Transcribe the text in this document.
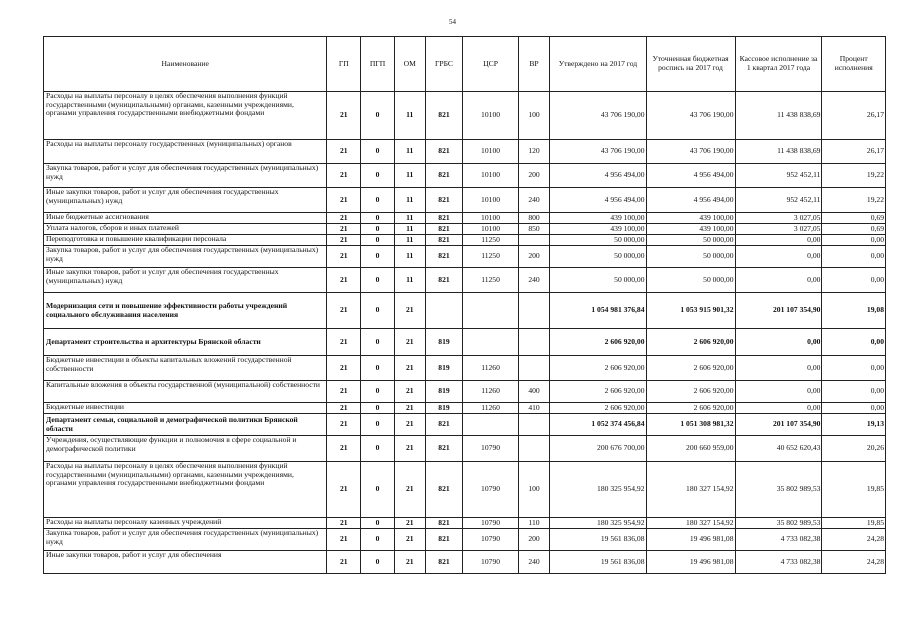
54
Наименование	ГП	ПГП	ОМ	ГРБС	ЦСР	ВР	Утверждено на 2017 год	Уточненная бюджетная роспись на 2017 год	Кассовое исполнение за 1 квартал 2017 года	Процент исполнения
Расходы на выплаты персоналу в целях обеспечения выполнения функций государственными (муниципальными) органами, казенными учреждениями, органами управления государственными внебюджетными фондами	21	0	11	821	10100	100	43 706 190,00	43 706 190,00	11 438 838,69	26,17
Расходы на выплаты персоналу государственных (муниципальных) органов	21	0	11	821	10100	120	43 706 190,00	43 706 190,00	11 438 838,69	26,17
Закупка товаров, работ и услуг для обеспечения государственных (муниципальных) нужд	21	0	11	821	10100	200	4 956 494,00	4 956 494,00	952 452,11	19,22
Иные закупки товаров, работ и услуг для обеспечения государственных (муниципальных) нужд	21	0	11	821	10100	240	4 956 494,00	4 956 494,00	952 452,11	19,22
Иные бюджетные ассигнования	21	0	11	821	10100	800	439 100,00	439 100,00	3 027,05	0,69
Уплата налогов, сборов и иных платежей	21	0	11	821	10100	850	439 100,00	439 100,00	3 027,05	0,69
Переподготовка и повышение квалификации персонала	21	0	11	821	11250		50 000,00	50 000,00	0,00	0,00
Закупка товаров, работ и услуг для обеспечения государственных (муниципальных) нужд	21	0	11	821	11250	200	50 000,00	50 000,00	0,00	0,00
Иные закупки товаров, работ и услуг для обеспечения государственных (муниципальных) нужд	21	0	11	821	11250	240	50 000,00	50 000,00	0,00	0,00
Модернизация сети и повышение эффективности работы учреждений социального обслуживания населения	21	0	21				1 054 981 376,84	1 053 915 901,32	201 107 354,90	19,08
Департамент строительства и архитектуры Брянской области	21	0	21	819			2 606 920,00	2 606 920,00	0,00	0,00
Бюджетные инвестиции в объекты капитальных вложений государственной собственности	21	0	21	819	11260		2 606 920,00	2 606 920,00	0,00	0,00
Капитальные вложения в объекты государственной (муниципальной) собственности	21	0	21	819	11260	400	2 606 920,00	2 606 920,00	0,00	0,00
Бюджетные инвестиции	21	0	21	819	11260	410	2 606 920,00	2 606 920,00	0,00	0,00
Департамент семьи, социальной и демографической политики Брянской области	21	0	21	821			1 052 374 456,84	1 051 308 981,32	201 107 354,90	19,13
Учреждения, осуществляющие функции и полномочия в сфере социальной и демографической политики	21	0	21	821	10790		200 676 700,00	200 660 959,00	40 652 620,43	20,26
Расходы на выплаты персоналу в целях обеспечения выполнения функций государственными (муниципальными) органами, казенными учреждениями, органами управления государственными внебюджетными фондами	21	0	21	821	10790	100	180 325 954,92	180 327 154,92	35 802 989,53	19,85
Расходы на выплаты персоналу казенных учреждений	21	0	21	821	10790	110	180 325 954,92	180 327 154,92	35 802 989,53	19,85
Закупка товаров, работ и услуг для обеспечения государственных (муниципальных) нужд	21	0	21	821	10790	200	19 561 836,08	19 496 981,08	4 733 082,38	24,28
Иные закупки товаров, работ и услуг для обеспечения	21	0	21	821	10790	240	19 561 836,08	19 496 981,08	4 733 082,38	24,28
